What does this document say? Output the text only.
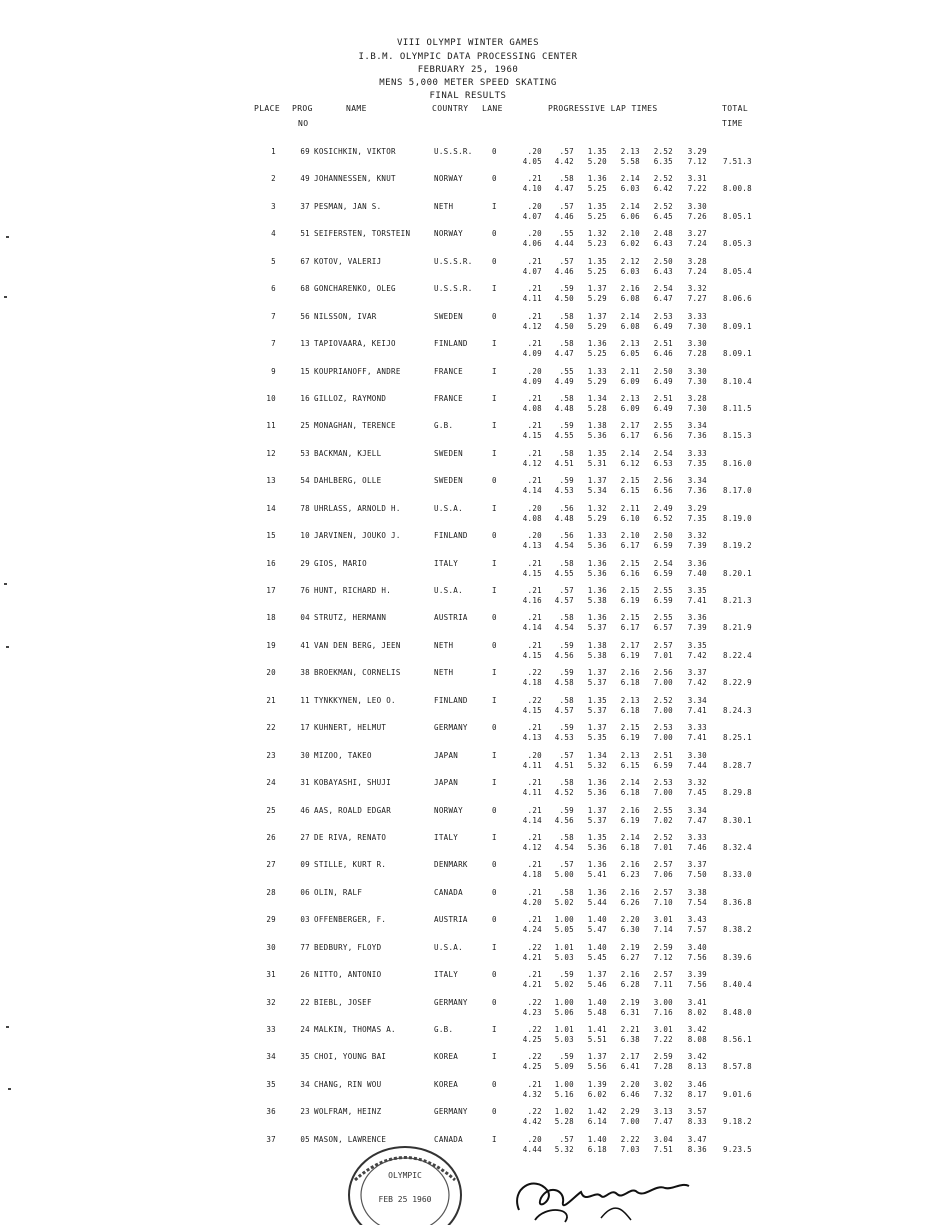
VIII OLYMPI WINTER GAMES
I.B.M. OLYMPIC DATA PROCESSING CENTER
FEBRUARY 25, 1960
MENS 5,000 METER SPEED SKATING
FINAL RESULTS
PLACE PROG
NO
NAME	COUNTRY LANE	PROGRESSIVE LAP TIMES	TOTAL
TIME
1	69 KOSICHKIN, VIKTOR	U.S.S.R.	0	.20	.57	1.35	2.13	2.52	3.29
4.05	4.42	5.20	5.58	6.35	7.12 7.51.3
2	49 JOHANNESSEN, KNUT	NORWAY	0	.21	.58	1.36	2.14	2.52	3.31
4.10	4.47	5.25	6.03	6.42	7.22 8.00.8
3	37 PESMAN, JAN S.	NETH	I	.20	.57	1.35	2.14	2.52	3.30
4.07	4.46	5.25	6.06	6.45	7.26 8.05.1
4	51 SEIFERSTEN, TORSTEIN	NORWAY	0	.20	.55	1.32	2.10	2.48	3.27
4.06	4.44	5.23	6.02	6.43	7.24 8.05.3
5	67 KOTOV, VALERIJ	U.S.S.R.	0	.21	.57	1.35	2.12	2.50	3.28
4.07	4.46	5.25	6.03	6.43	7.24 8.05.4
6	68 GONCHARENKO, OLEG	U.S.S.R.	I	.21	.59	1.37	2.16	2.54	3.32
4.11	4.50	5.29	6.08	6.47	7.27 8.06.6
7	56 NILSSON, IVAR	SWEDEN	0	.21	.58	1.37	2.14	2.53	3.33
4.12	4.50	5.29	6.08	6.49	7.30 8.09.1
7	13 TAPIOVAARA, KEIJO	FINLAND	I	.21	.58	1.36	2.13	2.51	3.30
4.09	4.47	5.25	6.05	6.46	7.28 8.09.1
9	15 KOUPRIANOFF, ANDRE	FRANCE	I	.20	.55	1.33	2.11	2.50	3.30
4.09	4.49	5.29	6.09	6.49	7.30 8.10.4
10	16 GILLOZ, RAYMOND	FRANCE	I	.21	.58	1.34	2.13	2.51	3.28
4.08	4.48	5.28	6.09	6.49	7.30 8.11.5
11	25 MONAGHAN, TERENCE	G.B.	I	.21	.59	1.38	2.17	2.55	3.34
4.15	4.55	5.36	6.17	6.56	7.36 8.15.3
12	53 BACKMAN, KJELL	SWEDEN	I	.21	.58	1.35	2.14	2.54	3.33
4.12	4.51	5.31	6.12	6.53	7.35 8.16.0
13	54 DAHLBERG, OLLE	SWEDEN	0	.21	.59	1.37	2.15	2.56	3.34
4.14	4.53	5.34	6.15	6.56	7.36 8.17.0
14	78 UHRLASS, ARNOLD H.	U.S.A.	I	.20	.56	1.32	2.11	2.49	3.29
4.08	4.48	5.29	6.10	6.52	7.35 8.19.0
15	10 JARVINEN, JOUKO J.	FINLAND	0	.20	.56	1.33	2.10	2.50	3.32
4.13	4.54	5.36	6.17	6.59	7.39 8.19.2
16	29 GIOS, MARIO	ITALY	I	.21	.58	1.36	2.15	2.54	3.36
4.15	4.55	5.36	6.16	6.59	7.40 8.20.1
17	76 HUNT, RICHARD H.	U.S.A.	I	.21	.57	1.36	2.15	2.55	3.35
4.16	4.57	5.38	6.19	6.59	7.41 8.21.3
18	04 STRUTZ, HERMANN	AUSTRIA	0	.21	.58	1.36	2.15	2.55	3.36
4.14	4.54	5.37	6.17	6.57	7.39 8.21.9
19	41 VAN DEN BERG, JEEN	NETH	0	.21	.59	1.38	2.17	2.57	3.35
4.15	4.56	5.38	6.19	7.01	7.42 8.22.4
20	38 BROEKMAN, CORNELIS	NETH	I	.22	.59	1.37	2.16	2.56	3.37
4.18	4.58	5.37	6.18	7.00	7.42 8.22.9
21	11 TYNKKYNEN, LEO O.	FINLAND	I	.22	.58	1.35	2.13	2.52	3.34
4.15	4.57	5.37	6.18	7.00	7.41 8.24.3
22	17 KUHNERT, HELMUT	GERMANY	0	.21	.59	1.37	2.15	2.53	3.33
4.13	4.53	5.35	6.19	7.00	7.41 8.25.1
23	30 MIZOO, TAKEO	JAPAN	I	.20	.57	1.34	2.13	2.51	3.30
4.11	4.51	5.32	6.15	6.59	7.44 8.28.7
24	31 KOBAYASHI, SHUJI	JAPAN	I	.21	.58	1.36	2.14	2.53	3.32
4.11	4.52	5.36	6.18	7.00	7.45 8.29.8
25	46 AAS, ROALD EDGAR	NORWAY	0	.21	.59	1.37	2.16	2.55	3.34
4.14	4.56	5.37	6.19	7.02	7.47 8.30.1
26	27 DE RIVA, RENATO	ITALY	I	.21	.58	1.35	2.14	2.52	3.33
4.12	4.54	5.36	6.18	7.01	7.46 8.32.4
27	09 STILLE, KURT R.	DENMARK	0	.21	.57	1.36	2.16	2.57	3.37
4.18	5.00	5.41	6.23	7.06	7.50 8.33.0
28	06 OLIN, RALF	CANADA	0	.21	.58	1.36	2.16	2.57	3.38
4.20	5.02	5.44	6.26	7.10	7.54 8.36.8
29	03 OFFENBERGER, F.	AUSTRIA	0	.21	1.00	1.40	2.20	3.01	3.43
4.24	5.05	5.47	6.30	7.14	7.57 8.38.2
30	77 BEDBURY, FLOYD	U.S.A.	I	.22	1.01	1.40	2.19	2.59	3.40
4.21	5.03	5.45	6.27	7.12	7.56 8.39.6
31	26 NITTO, ANTONIO	ITALY	0	.21	.59	1.37	2.16	2.57	3.39
4.21	5.02	5.46	6.28	7.11	7.56 8.40.4
32	22 BIEBL, JOSEF	GERMANY	0	.22	1.00	1.40	2.19	3.00	3.41
4.23	5.06	5.48	6.31	7.16	8.02 8.48.0
33	24 MALKIN, THOMAS A.	G.B.	I	.22	1.01	1.41	2.21	3.01	3.42
4.25	5.03	5.51	6.38	7.22	8.08 8.56.1
34	35 CHOI, YOUNG BAI	KOREA	I	.22	.59	1.37	2.17	2.59	3.42
4.25	5.09	5.56	6.41	7.28	8.13 8.57.8
35	34 CHANG, RIN WOU	KOREA	0	.21	1.00	1.39	2.20	3.02	3.46
4.32	5.16	6.02	6.46	7.32	8.17 9.01.6
36	23 WOLFRAM, HEINZ	GERMANY	0	.22	1.02	1.42	2.29	3.13	3.57
4.42	5.28	6.14	7.00	7.47	8.33 9.18.2
37	05 MASON, LAWRENCE	CANADA	I	.20	.57	1.40	2.22	3.04	3.47
4.44	5.32	6.18	7.03	7.51	8.36 9.23.5
OLYMPIC
FEB 25 1960
